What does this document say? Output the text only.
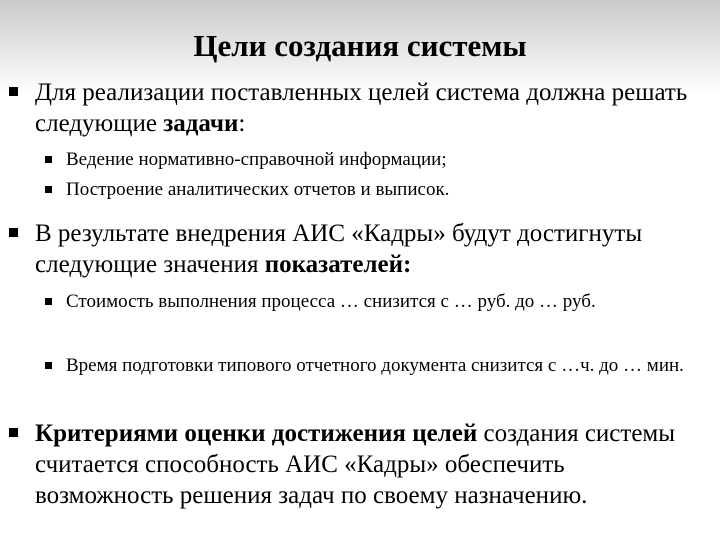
Цели создания системы
Для реализации поставленных целей система должна решать следующие задачи:
Ведение нормативно-справочной информации;
Построение аналитических отчетов и выписок.
В результате внедрения АИС «Кадры» будут достигнуты следующие значения показателей:
Стоимость выполнения процесса … снизится с … руб. до … руб.
Время подготовки типового отчетного документа снизится с …ч. до … мин.
Критериями оценки достижения целей создания системы считается способность АИС «Кадры» обеспечить возможность решения задач по своему назначению.
